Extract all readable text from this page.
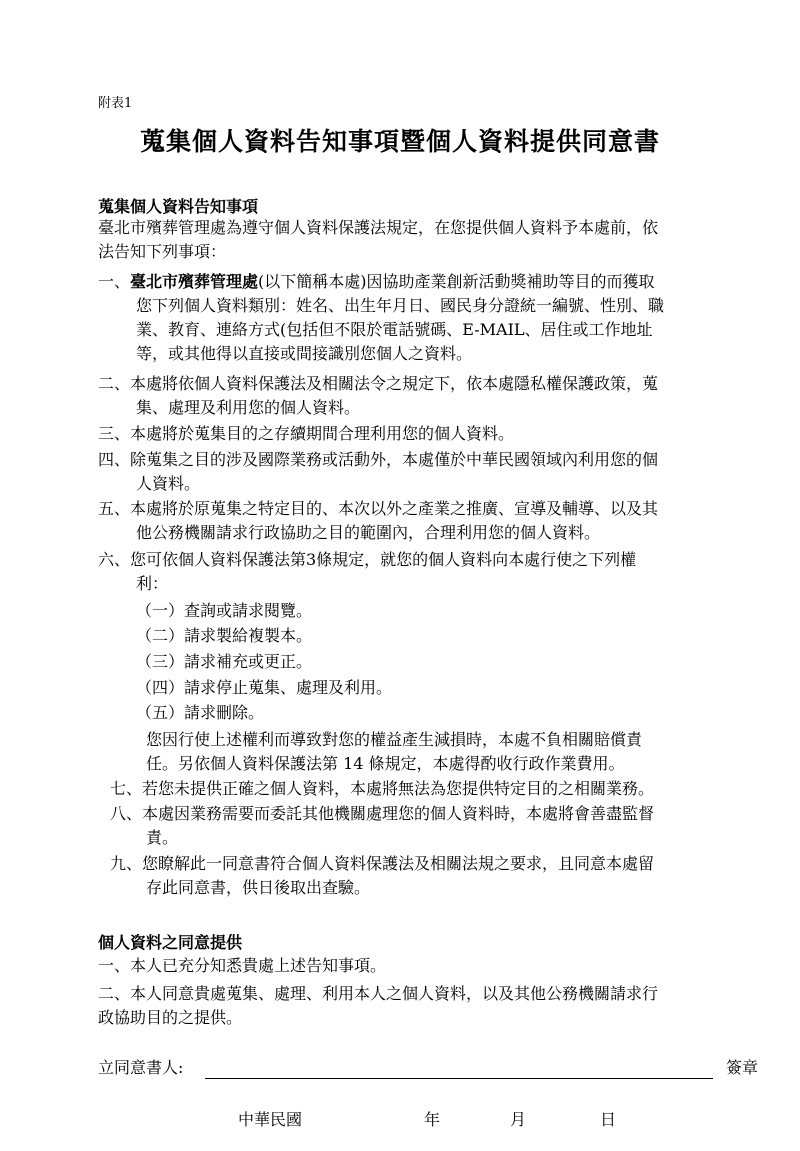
附表1
蒐集個人資料告知事項暨個人資料提供同意書
蒐集個人資料告知事項
臺北市殯葬管理處為遵守個人資料保護法規定，在您提供個人資料予本處前，依
法告知下列事項：
一、臺北市殯葬管理處(以下簡稱本處)因協助產業創新活動獎補助等目的而獲取
您下列個人資料類別：姓名、出生年月日、國民身分證統一編號、性別、職
業、教育、連絡方式(包括但不限於電話號碼、E-MAIL、居住或工作地址
等，或其他得以直接或間接識別您個人之資料。
二、本處將依個人資料保護法及相關法令之規定下，依本處隱私權保護政策，蒐
集、處理及利用您的個人資料。
三、本處將於蒐集目的之存續期間合理利用您的個人資料。
四、除蒐集之目的涉及國際業務或活動外，本處僅於中華民國領域內利用您的個
人資料。
五、本處將於原蒐集之特定目的、本次以外之產業之推廣、宣導及輔導、以及其
他公務機關請求行政協助之目的範圍內，合理利用您的個人資料。
六、您可依個人資料保護法第3條規定，就您的個人資料向本處行使之下列權
利：
（一）查詢或請求閱覽。
（二）請求製給複製本。
（三）請求補充或更正。
（四）請求停止蒐集、處理及利用。
（五）請求刪除。
您因行使上述權利而導致對您的權益產生減損時，本處不負相關賠償責
任。另依個人資料保護法第 14 條規定，本處得酌收行政作業費用。
七、若您未提供正確之個人資料，本處將無法為您提供特定目的之相關業務。
八、本處因業務需要而委託其他機關處理您的個人資料時，本處將會善盡監督
責。
九、您瞭解此一同意書符合個人資料保護法及相關法規之要求，且同意本處留
存此同意書，供日後取出查驗。
個人資料之同意提供
一、本人已充分知悉貴處上述告知事項。
二、本人同意貴處蒐集、處理、利用本人之個人資料，以及其他公務機關請求行
政協助目的之提供。
立同意書人:	簽章
中華民國	年	月	日
